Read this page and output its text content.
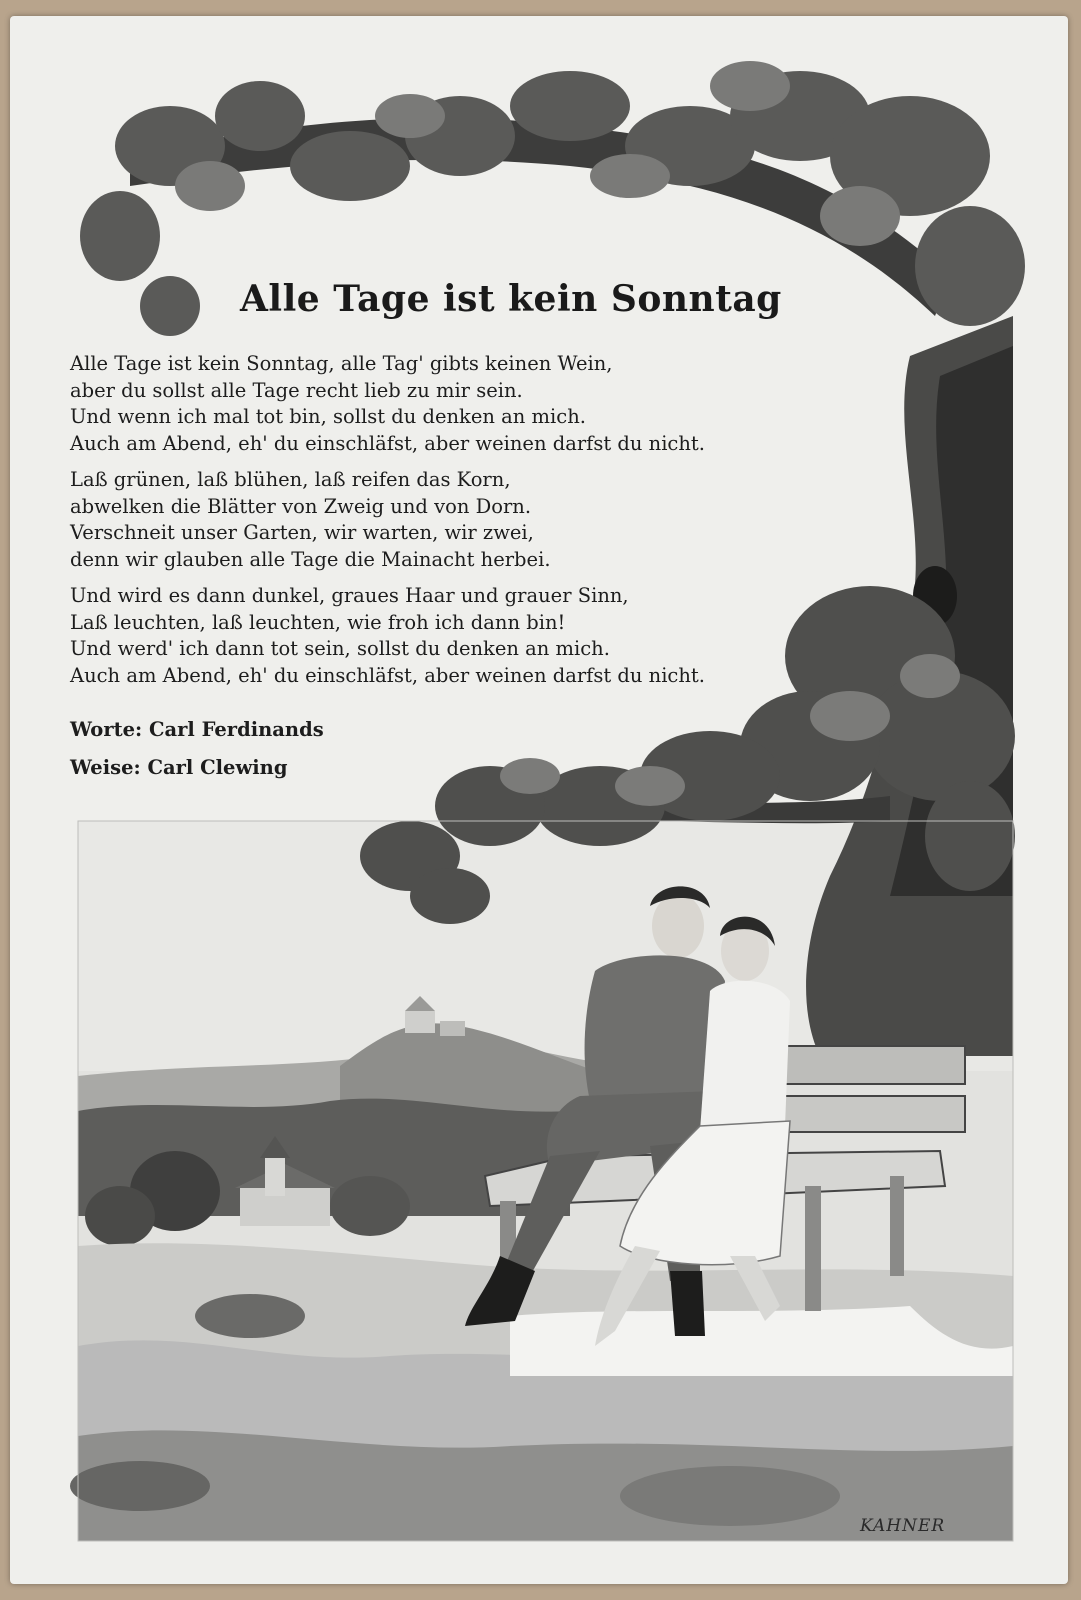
Alle Tage ist kein Sonntag
Alle Tage ist kein Sonntag, alle Tag' gibts keinen Wein,
aber du sollst alle Tage recht lieb zu mir sein.
Und wenn ich mal tot bin, sollst du denken an mich.
Auch am Abend, eh' du einschläfst, aber weinen darfst du nicht.
Laß grünen, laß blühen, laß reifen das Korn,
abwelken die Blätter von Zweig und von Dorn.
Verschneit unser Garten, wir warten, wir zwei,
denn wir glauben alle Tage die Mainacht herbei.
Und wird es dann dunkel, graues Haar und grauer Sinn,
Laß leuchten, laß leuchten, wie froh ich dann bin!
Und werd' ich dann tot sein, sollst du denken an mich.
Auch am Abend, eh' du einschläfst, aber weinen darfst du nicht.
Worte: Carl Ferdinands
Weise: Carl Clewing
KAHNER
